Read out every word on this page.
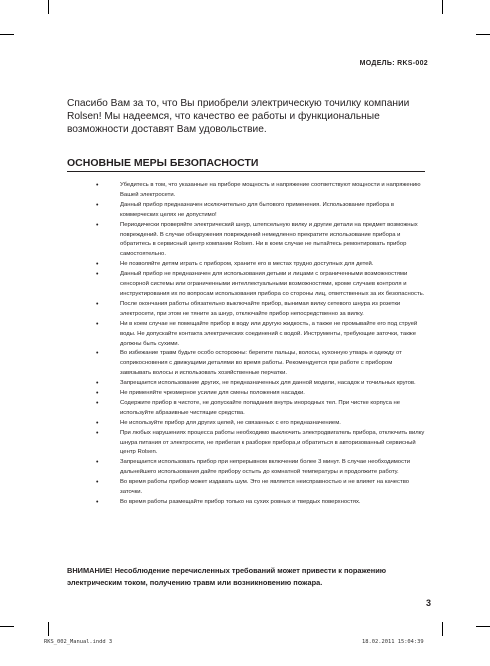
МОДЕЛЬ: RKS-002

Спасибо Вам за то, что Вы приобрели электрическую точилку компании Rolsen! Мы надеемся, что качество ее работы и функциональные возможности доставят Вам удовольствие.

ОСНОВНЫЕ МЕРЫ БЕЗОПАСНОСТИ
•	Убедитесь в том, что указанные на приборе мощность и напряжение соответствуют мощности и напряжению Вашей электросети.
•	Данный прибор предназначен исключительно для бытового применения. Использование прибора в коммерческих целях не допустимо!
•	Периодически проверяйте электрический шнур, штепсельную вилку и другие детали на предмет возможных повреждений. В случае обнаружения повреждений немедленно прекратите использование прибора и обратитесь в сервисный центр компании Rolsen. Ни в коем случае не пытайтесь ремонтировать прибор самостоятельно.
•	Не позволяйте детям играть с прибором, храните его в местах трудно доступных для детей.
•	Данный прибор не предназначен для использования детьми и лицами с ограниченными возможностями сенсорной системы или ограниченными интеллектуальными возможностями, кроме случаев контроля и инструктирования их по вопросам использования прибора со стороны лиц, ответственных за их безопасность.
•	После окончания работы обязательно выключайте прибор, вынимая вилку сетевого шнура из розетки электросети, при этом не тяните за шнур, отключайте прибор непосредственно за вилку.
•	Ни в коем случае не помещайте прибор в воду или другую жидкость, а также не промывайте его под струей воды. Не допускайте контакта электрических соединений с водой. Инструменты, требующие заточки, также должны быть сухими.
•	Во избежание травм будьте особо осторожны: берегите пальцы, волосы, кухонную утварь и одежду от соприкосновения с движущими деталями во время работы. Рекомендуется при работе с прибором завязывать волосы и использовать хозяйственные перчатки.
•	Запрещается использование других, не предназначенных для данной модели, насадок и точильных кругов.
•	Не применяйте чрезмерное усилие для смены положения насадки.
•	Содержите прибор в чистоте, не допускайте попадания внутрь инородных тел. При чистке корпуса не используйте абразивные чистящие средства.
•	Не используйте прибор для других целей, не связанных с его предназначением.
•	При любых нарушениях процесса работы необходимо выключить электродвигатель прибора, отключить вилку шнура питания от электросети, не прибегая к разборке прибора,и обратиться в авторизованный сервисный центр Rolsen.
•	Запрещается использовать прибор при непрерывном включении более 3 минут. В случае необходимости дальнейшего использования дайте прибору остыть до комнатной температуры и продолжите работу.
•	Во время работы прибор может издавать шум. Это не является неисправностью и не влияет на качество заточки.
•	Во время работы размещайте прибор только на сухих ровных и твердых поверхностях.

ВНИМАНИЕ! Несоблюдение перечисленных требований может привести к поражению электрическим током, получению травм или возникновению пожара.

3
RKS_002_Manual.indd 3	18.02.2011 15:04:39
